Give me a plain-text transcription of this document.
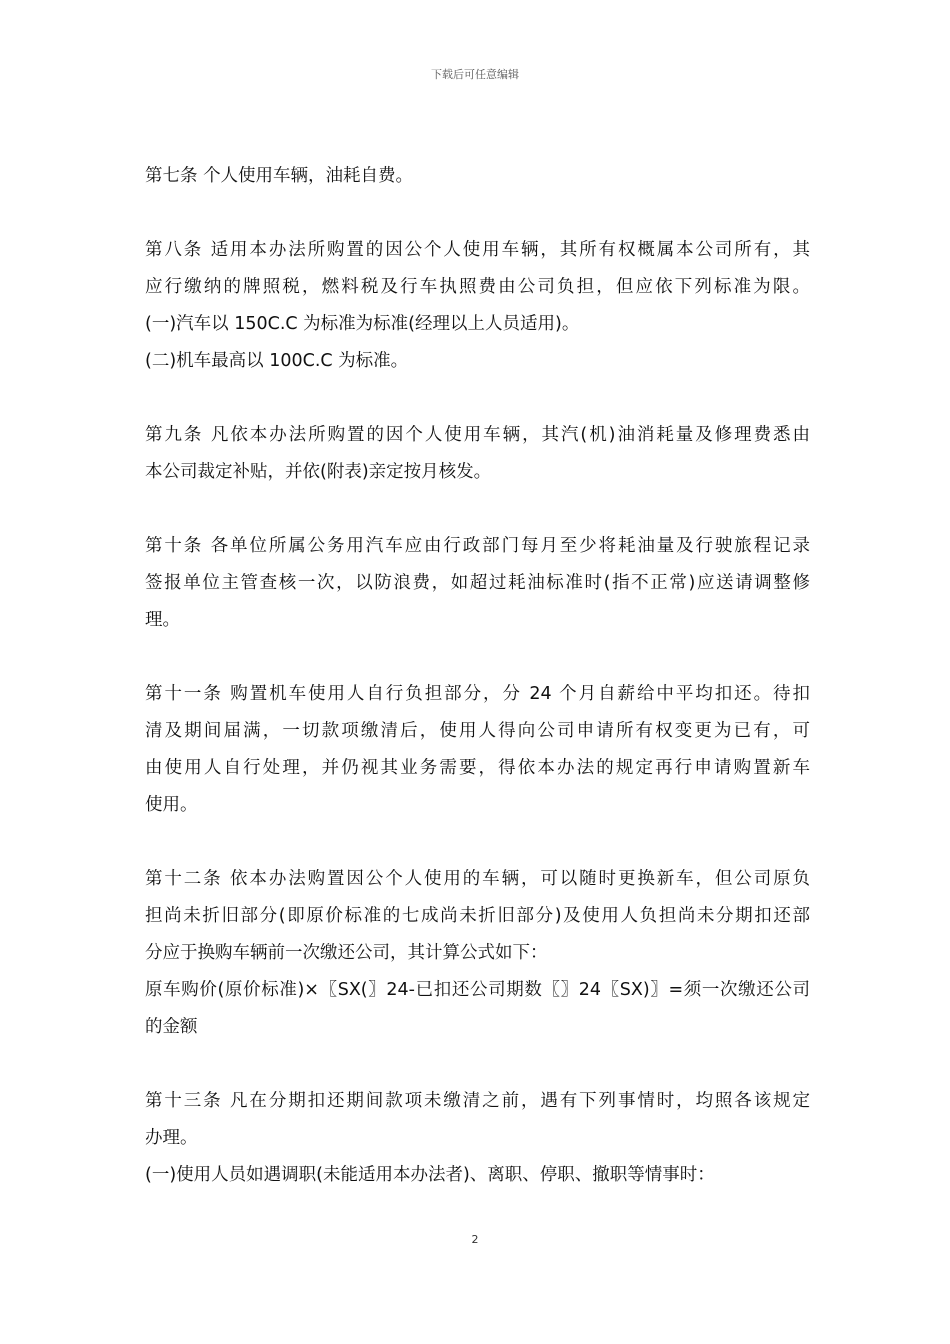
下载后可任意编辑

第七条 个人使用车辆，油耗自费。

第八条 适用本办法所购置的因公个人使用车辆，其所有权概属本公司所有，其
应行缴纳的牌照税，燃料税及行车执照费由公司负担，但应依下列标准为限。
(一)汽车以 150C.C 为标准为标准(经理以上人员适用)。
(二)机车最高以 100C.C 为标准。

第九条 凡依本办法所购置的因个人使用车辆，其汽(机)油消耗量及修理费悉由
本公司裁定补贴，并依(附表)亲定按月核发。

第十条 各单位所属公务用汽车应由行政部门每月至少将耗油量及行驶旅程记录
签报单位主管查核一次，以防浪费，如超过耗油标准时(指不正常)应送请调整修
理。

第十一条 购置机车使用人自行负担部分，分 24 个月自薪给中平均扣还。待扣
清及期间届满，一切款项缴清后，使用人得向公司申请所有权变更为已有，可
由使用人自行处理，并仍视其业务需要，得依本办法的规定再行申请购置新车
使用。

第十二条 依本办法购置因公个人使用的车辆，可以随时更换新车，但公司原负
担尚未折旧部分(即原价标准的七成尚未折旧部分)及使用人负担尚未分期扣还部
分应于换购车辆前一次缴还公司，其计算公式如下：
原车购价(原价标准)×〖SX(〗24-已扣还公司期数〖〗24〖SX)〗=须一次缴还公司
的金额

第十三条 凡在分期扣还期间款项未缴清之前，遇有下列事情时，均照各该规定
办理。
(一)使用人员如遇调职(未能适用本办法者)、离职、停职、撤职等情事时：

2
